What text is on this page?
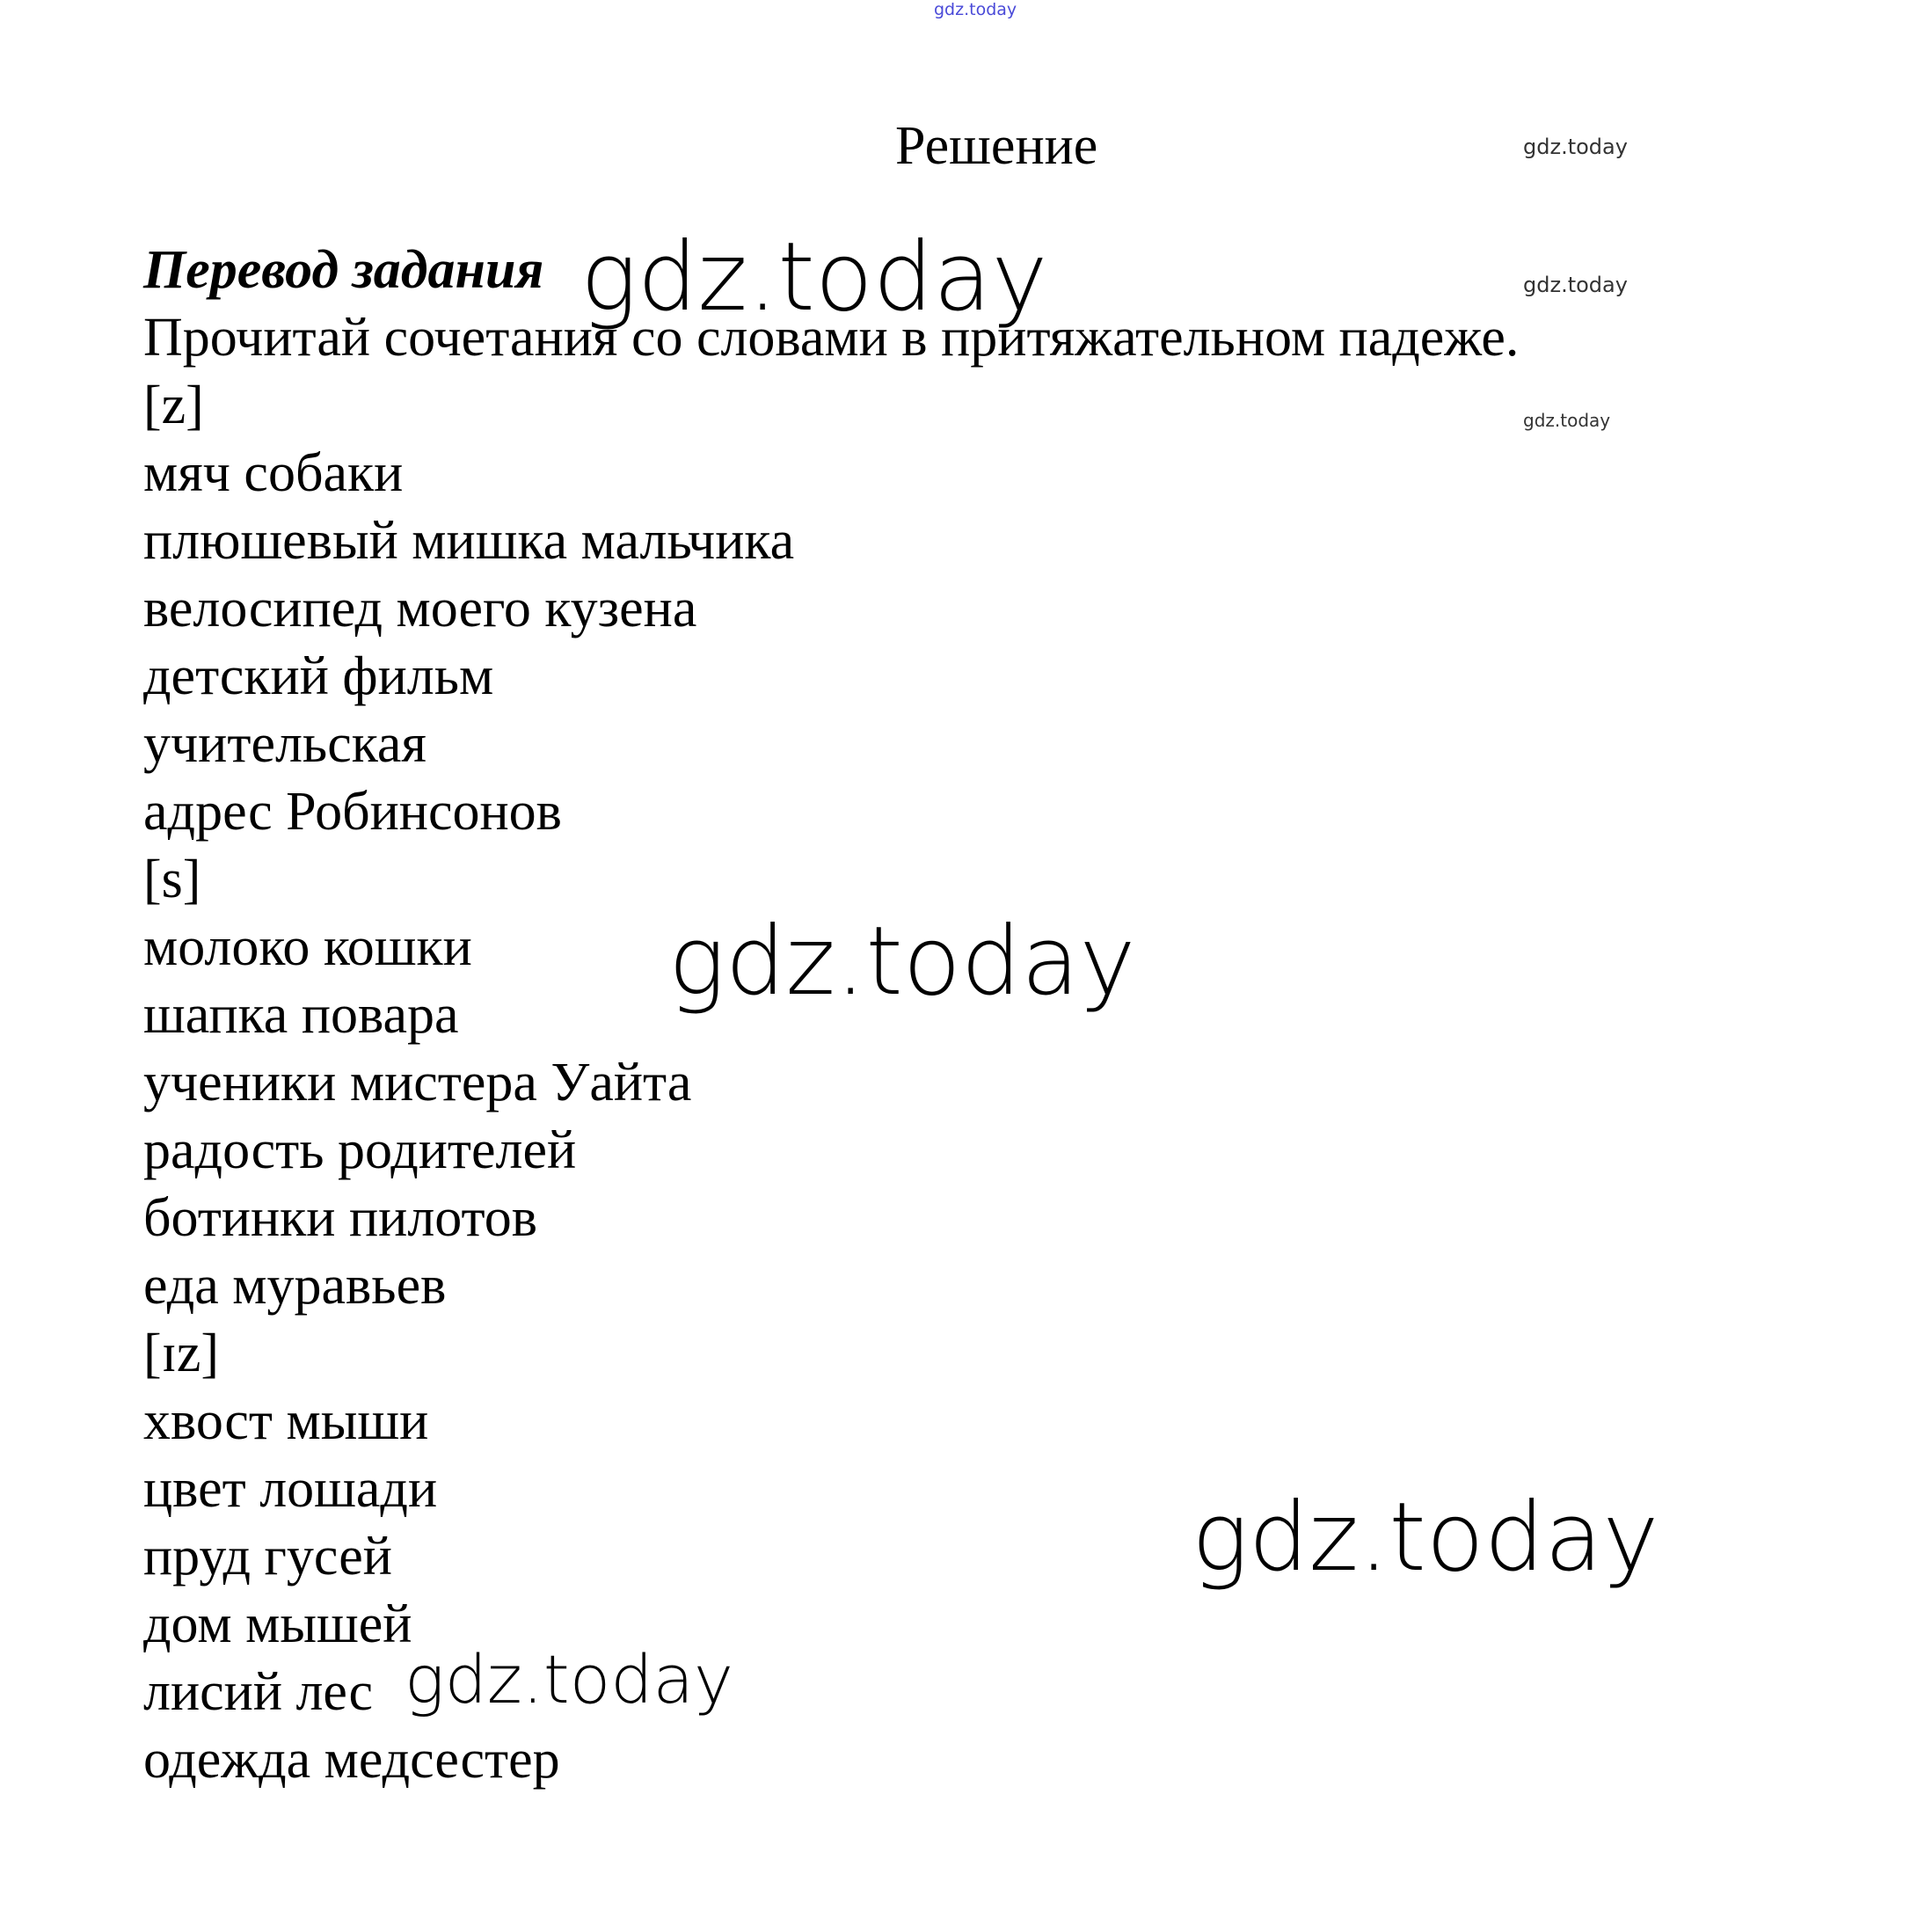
gdz.today
Решение	gdz.today
gdz.today
gdz.today
Перевод задания
Прочитай сочетания со словами в притяжательном падеже.
[z]
мяч собаки
плюшевый мишка мальчика
велосипед моего кузена
детский фильм
учительская
адрес Робинсонов
[s]
молоко кошки
шапка повара
ученики мистера Уайта
радость родителей
ботинки пилотов
еда муравьев
[ɪz]
хвост мыши
цвет лошади
пруд гусей
дом мышей
лисий лес
одежда медсестер
gdz.today
gdz.today
gdz.today
gdz.today
